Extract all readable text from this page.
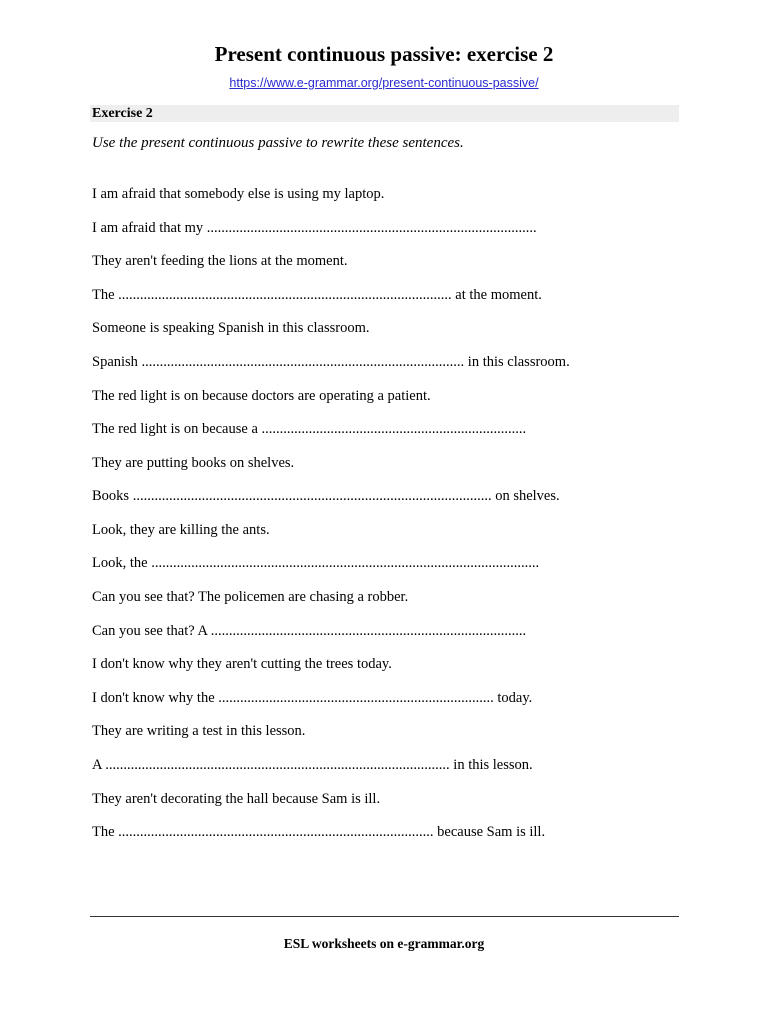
Present continuous passive: exercise 2
https://www.e-grammar.org/present-continuous-passive/
Exercise 2
Use the present continuous passive to rewrite these sentences.
I am afraid that somebody else is using my laptop.
I am afraid that my ...........................................................................................
They aren't feeding the lions at the moment.
The ............................................................................................ at the moment.
Someone is speaking Spanish in this classroom.
Spanish ......................................................................................... in this classroom.
The red light is on because doctors are operating a patient.
The red light is on because a .........................................................................
They are putting books on shelves.
Books ................................................................................................... on shelves.
Look, they are killing the ants.
Look, the ...........................................................................................................
Can you see that? The policemen are chasing a robber.
Can you see that? A .......................................................................................
I don't know why they aren't cutting the trees today.
I don't know why the ............................................................................ today.
They are writing a test in this lesson.
A ............................................................................................... in this lesson.
They aren't decorating the hall because Sam is ill.
The ....................................................................................... because Sam is ill.
ESL worksheets on e-grammar.org
